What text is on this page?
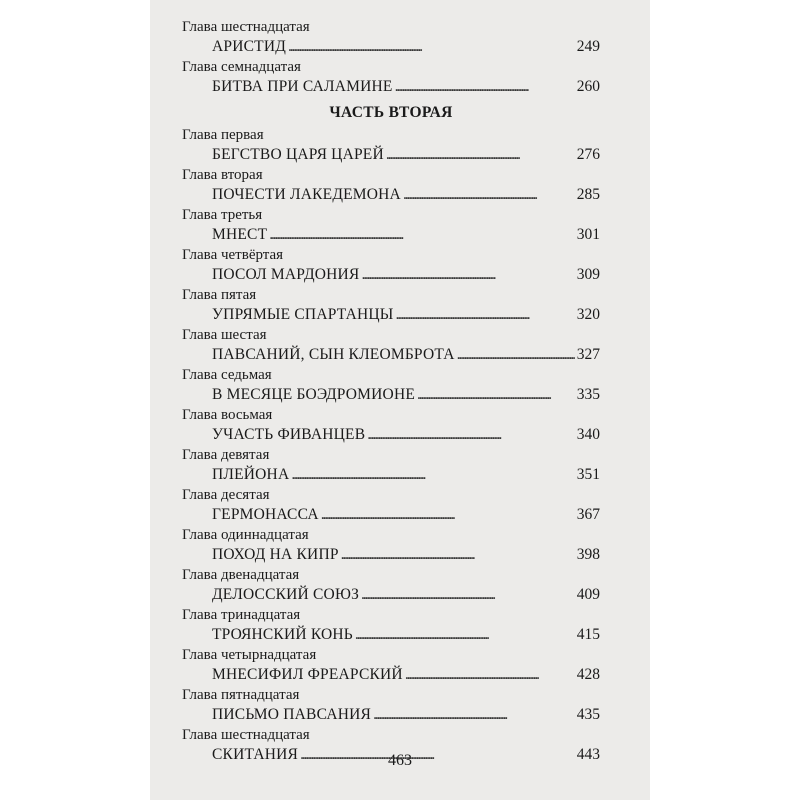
463
Глава шестнадцатая
АРИСТИД . . .	249
Глава семнадцатая
БИТВА ПРИ САЛАМИНЕ . . .	260
ЧАСТЬ ВТОРАЯ
Глава первая
БЕГСТВО ЦАРЯ ЦАРЕЙ . . .	276
Глава вторая
ПОЧЕСТИ ЛАКЕДЕМОНА . . .	285
Глава третья
МНЕСТ . . .	301
Глава четвёртая
ПОСОЛ МАРДОНИЯ . . .	309
Глава пятая
УПРЯМЫЕ СПАРТАНЦЫ . . .	320
Глава шестая
ПАВСАНИЙ, СЫН КЛЕОМБРОТА . . .	327
Глава седьмая
В МЕСЯЦЕ БОЭДРОМИОНЕ . . .	335
Глава восьмая
УЧАСТЬ ФИВАНЦЕВ . . .	340
Глава девятая
ПЛЕЙОНА . . .	351
Глава десятая
ГЕРМОНАССА . . .	367
Глава одиннадцатая
ПОХОД НА КИПР . . .	398
Глава двенадцатая
ДЕЛОССКИЙ СОЮЗ . . .	409
Глава тринадцатая
ТРОЯНСКИЙ КОНЬ . . .	415
Глава четырнадцатая
МНЕСИФИЛ ФРЕАРСКИЙ . . .	428
Глава пятнадцатая
ПИСЬМО ПАВСАНИЯ . . .	435
Глава шестнадцатая
СКИТАНИЯ . . .	443
